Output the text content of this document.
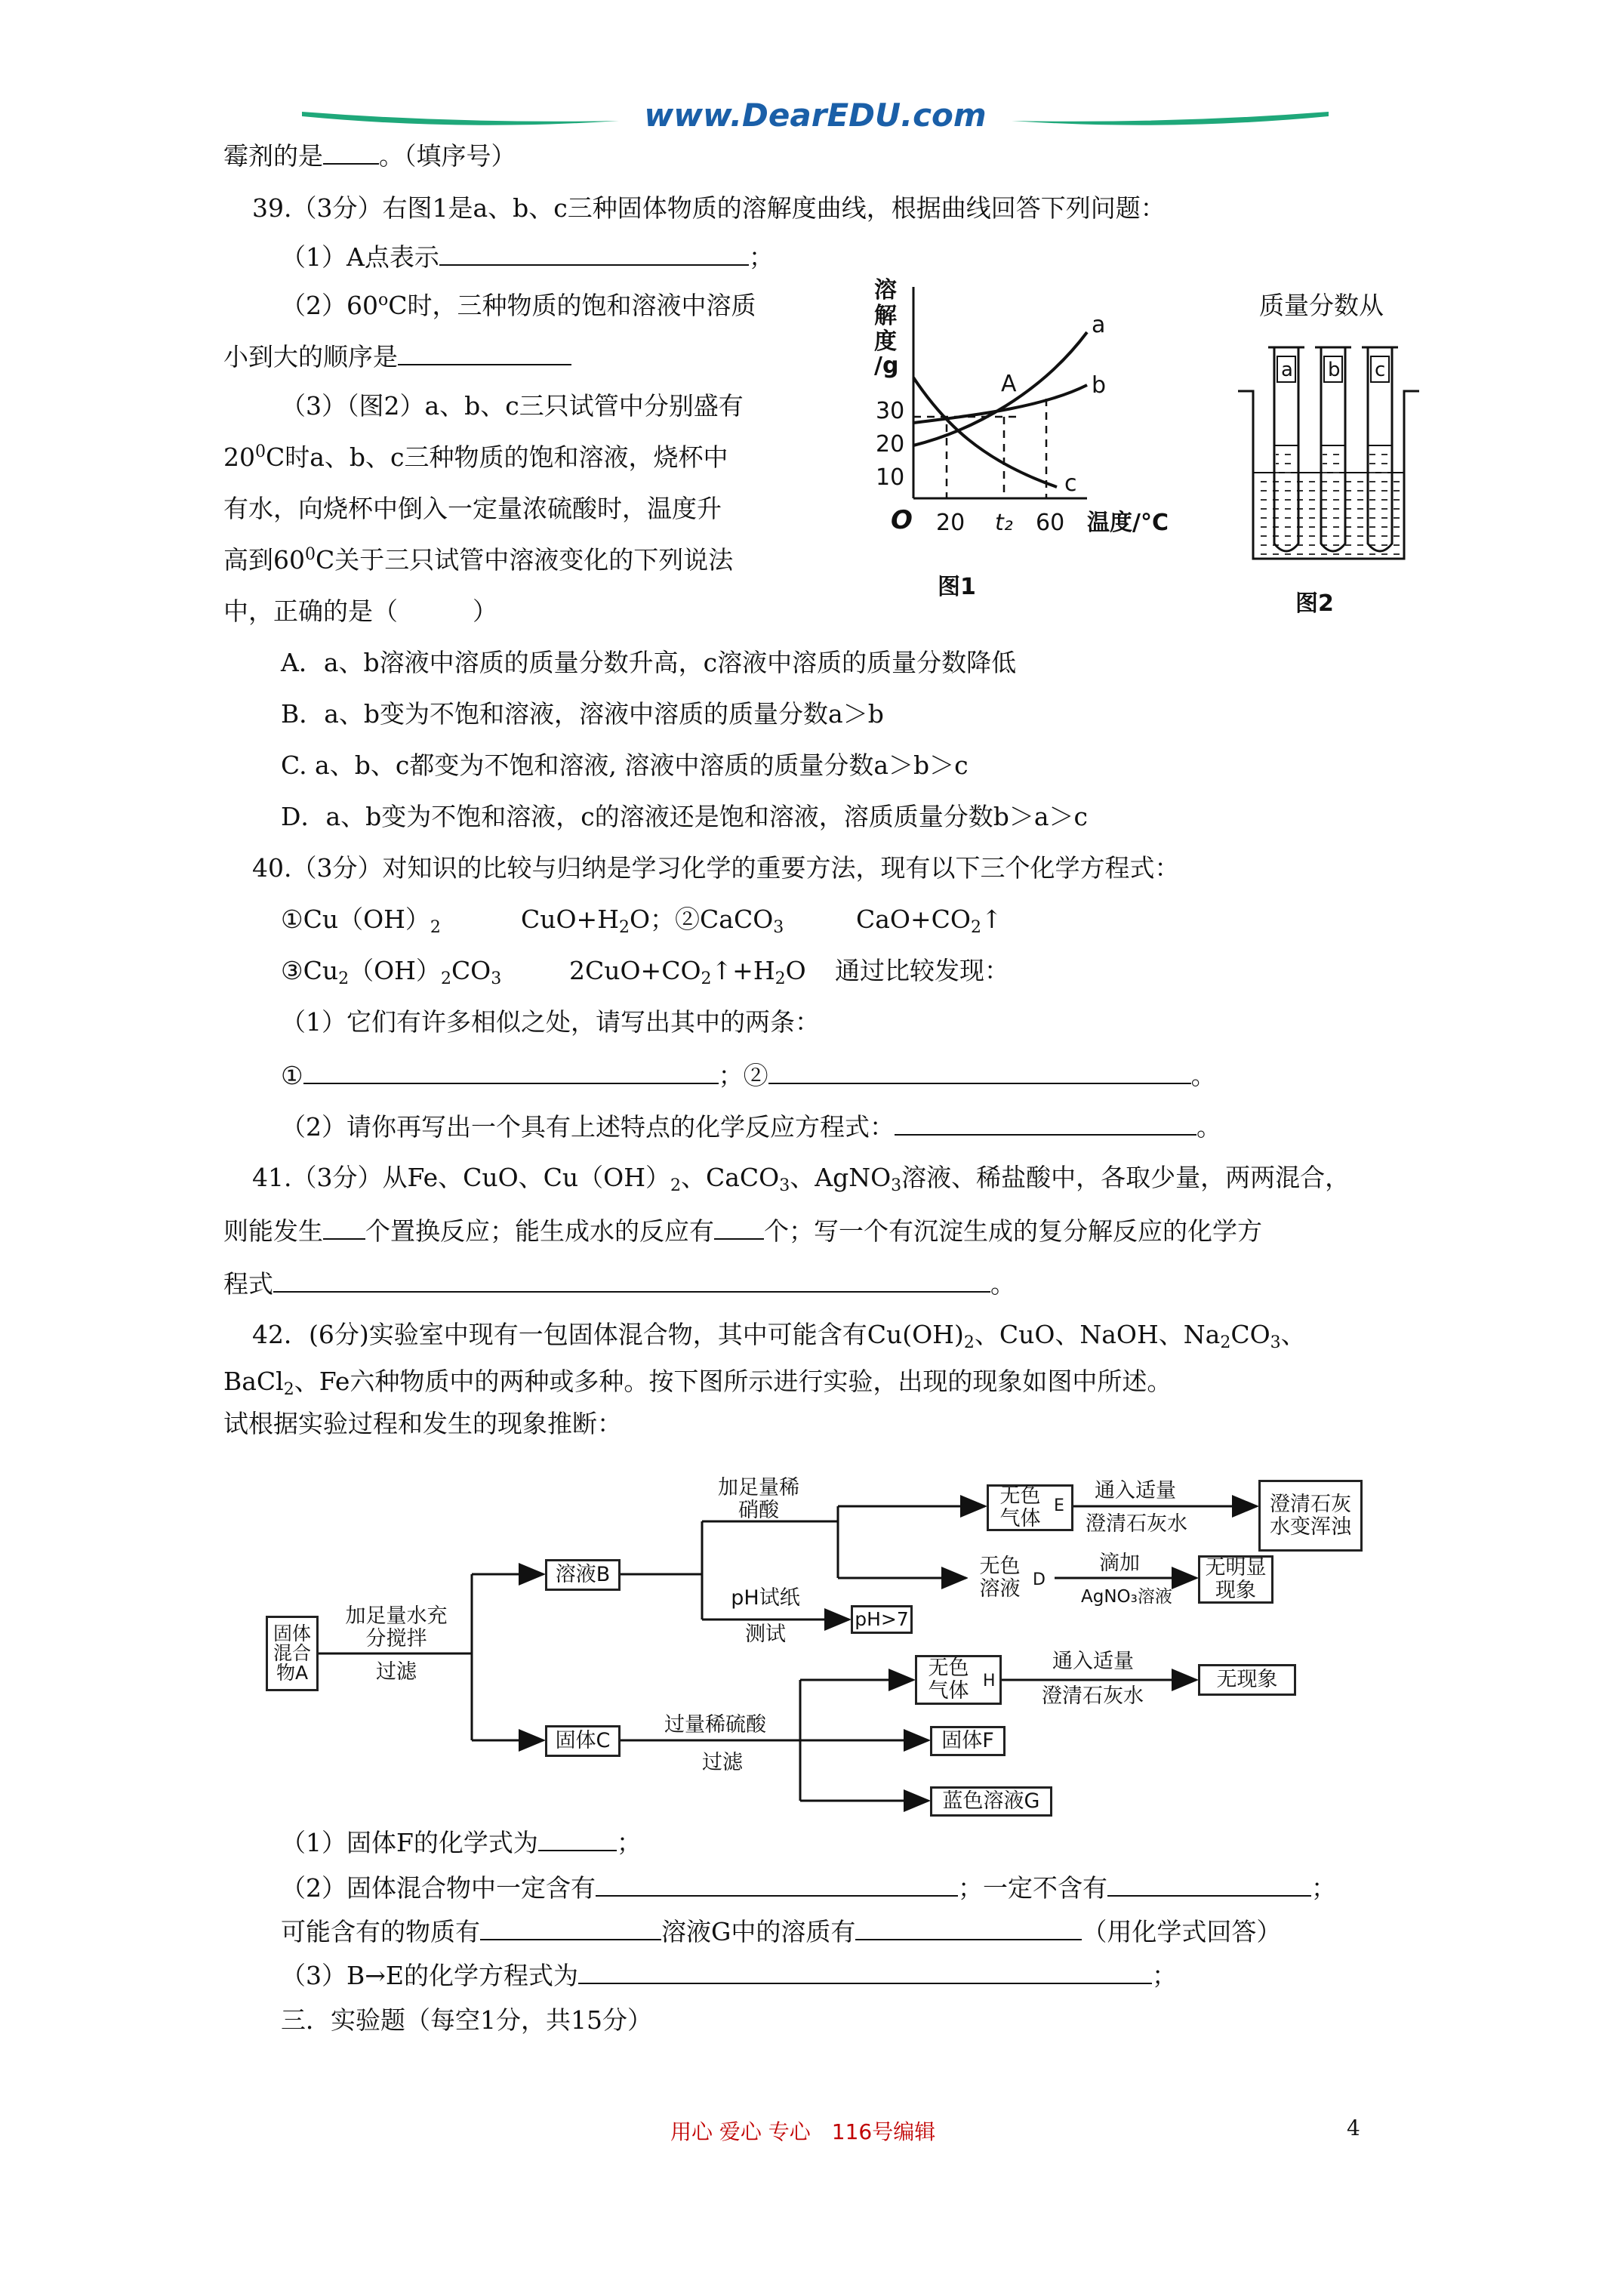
www.DearEDU.com
霉剂的是 。（填序号）
39.（3分）右图1是a、b、c三种固体物质的溶解度曲线，根据曲线回答下列问题：
（1）A点表示	；
（2）60$^o$C时，三种物质的饱和溶液中溶质	质量分数从
小到大的顺序是
（3）（图2）a、b、c三只试管中分别盛有
$20^0C$时a、b、c三种物质的饱和溶液，烧杯中
有水，向烧杯中倒入一定量浓硫酸时，温度升
高到$60^0C$关于三只试管中溶液变化的下列说法
中，正确的是（　　　）
溶
解
度
/g
30
20
10
O 20 t₂ 60 温度/°C
A
a
b
c
图1
a b c
图2
A．a、b溶液中溶质的质量分数升高，c溶液中溶质的质量分数降低
B．a、b变为不饱和溶液，溶液中溶质的质量分数a＞b
C. a、b、c都变为不饱和溶液, 溶液中溶质的质量分数a＞b＞c
D．a、b变为不饱和溶液，c的溶液还是饱和溶液，溶质质量分数b＞a＞c
40.（3分）对知识的比较与归纳是学习化学的重要方法，现有以下三个化学方程式：
$①Cu(OH)_2$	$CuO+H_2O$；②CaCO$_3$	$CaO+CO_2↑$
$③Cu_2(OH)_2CO_3$	$2CuO+CO_2↑+H_2O$ 通过比较发现：
（1）它们有许多相似之处，请写出其中的两条：
①	；②	。
（2）请你再写出一个具有上述特点的化学反应方程式：	。
41.（3分）从Fe、CuO、$Cu(OH)_2$、CaCO$_3$、AgNO$_3$溶液、稀盐酸中，各取少量，两两混合，
则能发生 个置换反应；能生成水的反应有 个；写一个有沉淀生成的复分解反应的化学方
程式	。
42．(6分)实验室中现有一包固体混合物，其中可能含有$Cu(OH)_2$、CuO、NaOH、$Na_2CO_3$、
BaCl$_2$、Fe六种物质中的两种或多种。按下图所示进行实验，出现的现象如图中所述。
试根据实验过程和发生的现象推断：
固体混合物A
加足量水充分搅拌
过滤
溶液B
加足量稀硝酸
无色气体
E
通入适量
澄清石灰水
澄清石灰水变浑浊
无色溶液 D
滴加
AgNO₃溶液
无明显现象
pH试纸
测试
pH>7
固体C
过量稀硫酸
过滤
无色气体 H
通入适量
澄清石灰水
无现象
固体F
蓝色溶液G
（1）固体F的化学式为	；
（2）固体混合物中一定含有	；一定不含有	；
可能含有的物质有	溶液G中的溶质有	（用化学式回答）
（3）B→E的化学方程式为	；
三．实验题（每空1分，共15分）
用心 爱心 专心　116号编辑	4
